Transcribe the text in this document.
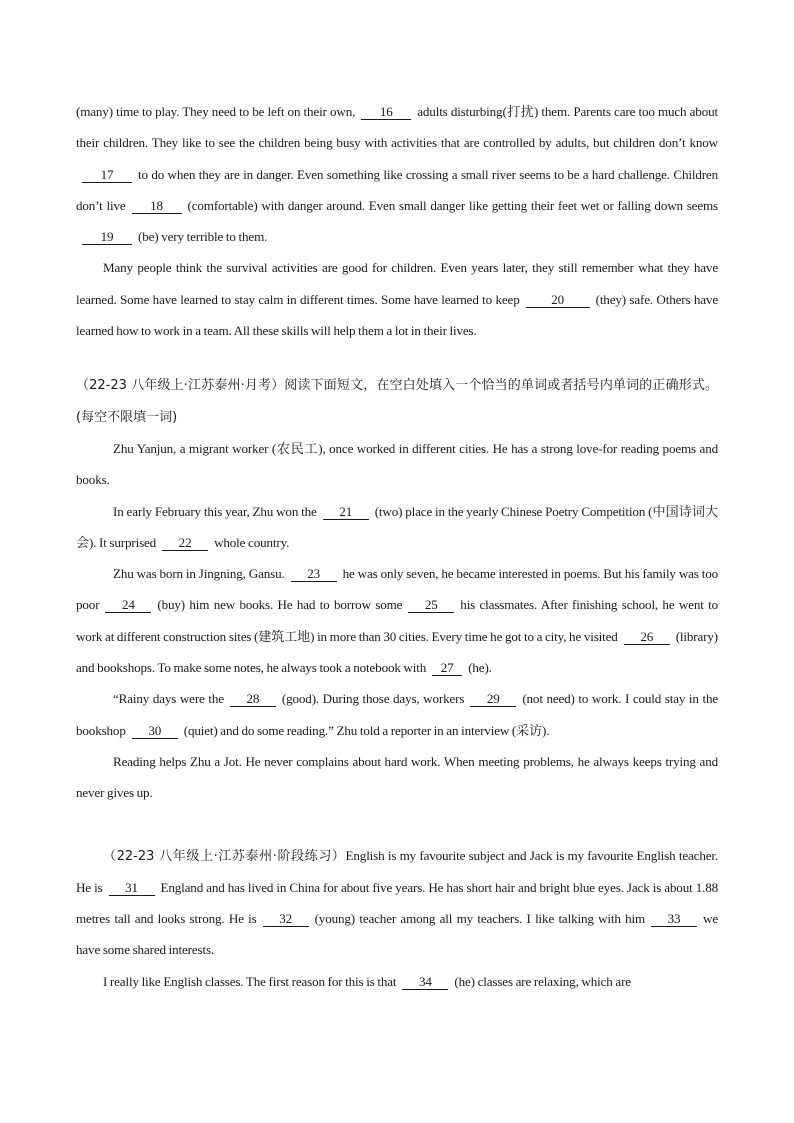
(many) time to play. They need to be left on their own, 16 adults disturbing(打扰) them. Parents care too much about their children. They like to see the children being busy with activities that are controlled by adults, but children don’t know17 to do when they are in danger. Even something like crossing a small river seems to be a hard challenge. Children don’t live 18 (comfortable) with danger around. Even small danger like getting their feet wet or falling down seems19 (be) very terrible to them.

Many people think the survival activities are good for children. Even years later, they still remember what they have learned. Some have learned to stay calm in different times. Some have learned to keep 20 (they) safe. Others have learned how to work in a team. All these skills will help them a lot in their lives.

（22-23 八年级上·江苏泰州·月考）阅读下面短文，在空白处填入一个恰当的单词或者括号内单词的正确形式。 (每空不限填一词)

Zhu Yanjun, a migrant worker (农民工), once worked in different cities. He has a strong love-for reading poems and books.

In early February this year, Zhu won the 21 (two) place in the yearly Chinese Poetry Competition (中国诗词大会). It surprised 22 whole country.

Zhu was born in Jingning, Gansu. 23 he was only seven, he became interested in poems. But his family was too poor 24 (buy) him new books. He had to borrow some 25 his classmates. After finishing school, he went to work at different construction sites (建筑工地) in more than 30 cities. Every time he got to a city, he visited 26 (library) and bookshops. To make some notes, he always took a notebook with 27 (he).

“Rainy days were the 28 (good). During those days, workers 29 (not need) to work. I could stay in the bookshop 30 (quiet) and do some reading.” Zhu told a reporter in an interview (采访).

Reading helps Zhu a Jot. He never complains about hard work. When meeting problems, he always keeps trying and never gives up.

（22-23 八年级上·江苏泰州·阶段练习）English is my favourite subject and Jack is my favourite English teacher. He is 31 England and has lived in China for about five years. He has short hair and bright blue eyes. Jack is about 1.88 metres tall and looks strong. He is 32 (young) teacher among all my teachers. I like talking with him 33 we have some shared interests.

I really like English classes. The first reason for this is that 34 (he) classes are relaxing, which are
